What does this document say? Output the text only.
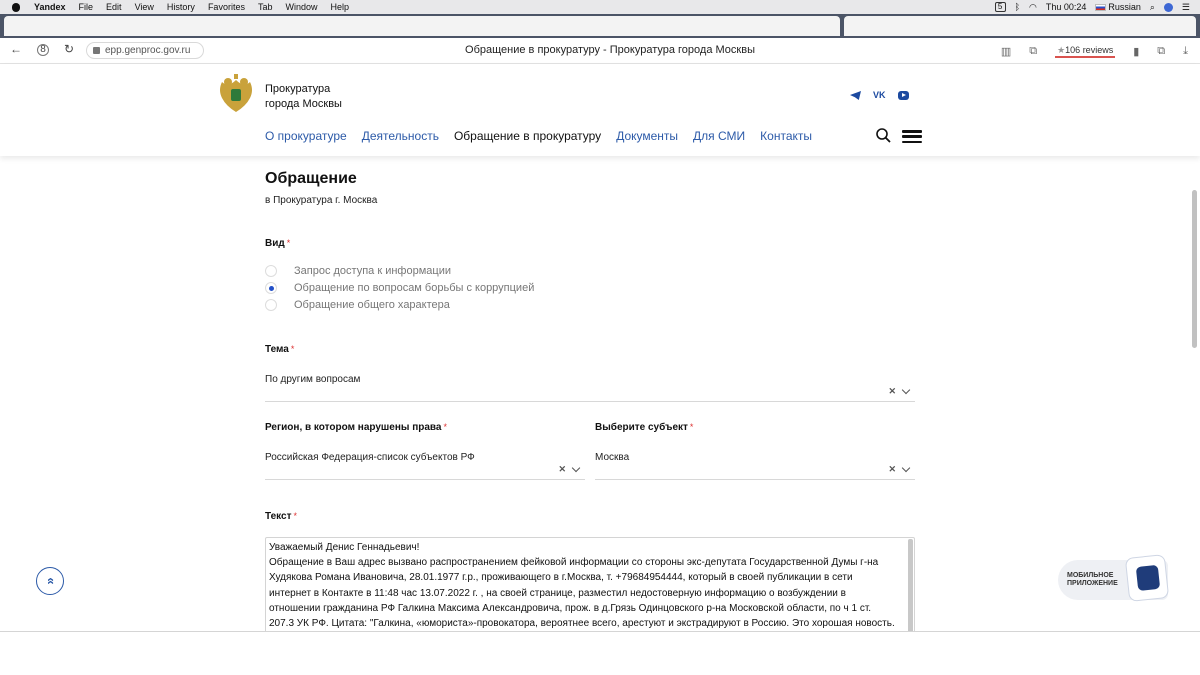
Yandex File Edit View History Favorites Tab Window Help	5	ᛒ ◠ Thu 00:24	Russian ⌕	☰
←	8 ↻	epp.genproc.gov.ru	Обращение в прокуратуру - Прокуратура города Москвы	▥ ⧉ ★106 reviews ▮ ⧉ ⤓
Прокуратура
города Москвы
VK
О прокуратуре Деятельность Обращение в прокуратуру Документы Для СМИ Контакты
Обращение
в Прокуратура г. Москва
Вид *
Запрос доступа к информации
Обращение по вопросам борьбы с коррупцией
Обращение общего характера
Тема *
По другим вопросам
✕
Регион, в котором нарушены права *
Российская Федерация-список субъектов РФ
✕
Выберите субъект *
Москва
✕
Текст *
Уважаемый Денис Геннадьевич!
Обращение в Ваш адрес вызвано распространением фейковой информации со стороны экс-депутата Государственной Думы г-на
Худякова Романа Ивановича, 28.01.1977 г.р., проживающего в г.Москва, т. +79684954444, который в своей публикации в сети
интернет в Контакте в 11:48 час 13.07.2022 г. , на своей странице, разместил недостоверную информацию о возбуждении в
отношении гражданина РФ Галкина Максима Александровича, прож. в д.Грязь Одинцовского р-на Московской области, по ч 1 ст.
207.3 УК РФ. Цитата: "Галкина, «юмориста»-провокатора, вероятнее всего, арестуют и экстрадируют в Россию. Это хорошая новость.
«
МОБИЛЬНОЕ
ПРИЛОЖЕНИЕ
